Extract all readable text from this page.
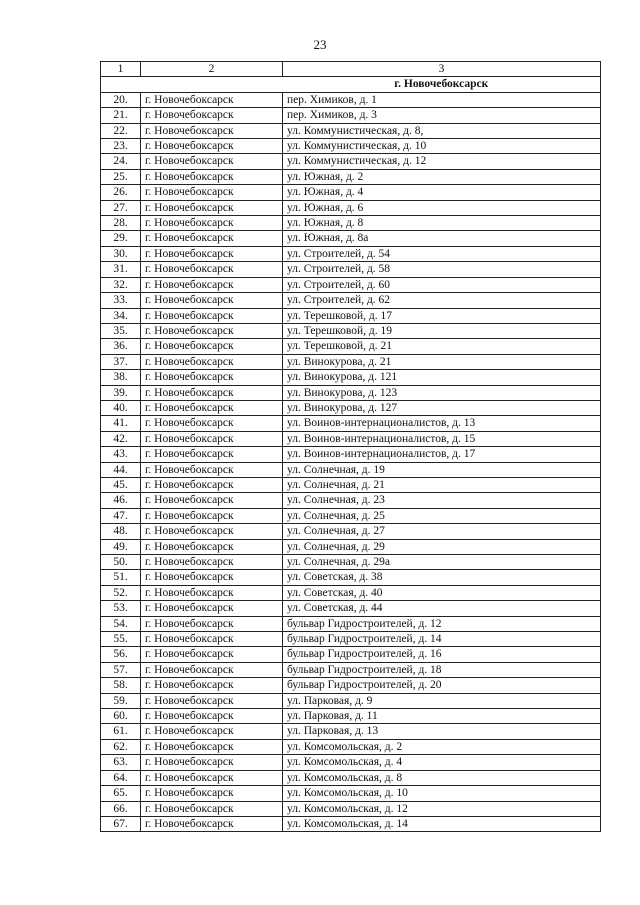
23
1	2	3
		г. Новочебоксарск
20.	г. Новочебоксарск	пер. Химиков, д. 1
21.	г. Новочебоксарск	пер. Химиков, д. 3
22.	г. Новочебоксарск	ул. Коммунистическая, д. 8,
23.	г. Новочебоксарск	ул. Коммунистическая, д. 10
24.	г. Новочебоксарск	ул. Коммунистическая, д. 12
25.	г. Новочебоксарск	ул. Южная, д. 2
26.	г. Новочебоксарск	ул. Южная, д. 4
27.	г. Новочебоксарск	ул. Южная, д. 6
28.	г. Новочебоксарск	ул. Южная, д. 8
29.	г. Новочебоксарск	ул. Южная, д. 8а
30.	г. Новочебоксарск	ул. Строителей, д. 54
31.	г. Новочебоксарск	ул. Строителей, д. 58
32.	г. Новочебоксарск	ул. Строителей, д. 60
33.	г. Новочебоксарск	ул. Строителей, д. 62
34.	г. Новочебоксарск	ул. Терешковой, д. 17
35.	г. Новочебоксарск	ул. Терешковой, д. 19
36.	г. Новочебоксарск	ул. Терешковой, д. 21
37.	г. Новочебоксарск	ул. Винокурова, д. 21
38.	г. Новочебоксарск	ул. Винокурова, д. 121
39.	г. Новочебоксарск	ул. Винокурова, д. 123
40.	г. Новочебоксарск	ул. Винокурова, д. 127
41.	г. Новочебоксарск	ул. Воинов-интернационалистов, д. 13
42.	г. Новочебоксарск	ул. Воинов-интернационалистов, д. 15
43.	г. Новочебоксарск	ул. Воинов-интернационалистов, д. 17
44.	г. Новочебоксарск	ул. Солнечная, д. 19
45.	г. Новочебоксарск	ул. Солнечная, д. 21
46.	г. Новочебоксарск	ул. Солнечная, д. 23
47.	г. Новочебоксарск	ул. Солнечная, д. 25
48.	г. Новочебоксарск	ул. Солнечная, д. 27
49.	г. Новочебоксарск	ул. Солнечная, д. 29
50.	г. Новочебоксарск	ул. Солнечная, д. 29а
51.	г. Новочебоксарск	ул. Советская, д. 38
52.	г. Новочебоксарск	ул. Советская, д. 40
53.	г. Новочебоксарск	ул. Советская, д. 44
54.	г. Новочебоксарск	бульвар Гидростроителей, д. 12
55.	г. Новочебоксарск	бульвар Гидростроителей, д. 14
56.	г. Новочебоксарск	бульвар Гидростроителей, д. 16
57.	г. Новочебоксарск	бульвар Гидростроителей, д. 18
58.	г. Новочебоксарск	бульвар Гидростроителей, д. 20
59.	г. Новочебоксарск	ул. Парковая, д. 9
60.	г. Новочебоксарск	ул. Парковая, д. 11
61.	г. Новочебоксарск	ул. Парковая, д. 13
62.	г. Новочебоксарск	ул. Комсомольская, д. 2
63.	г. Новочебоксарск	ул. Комсомольская, д. 4
64.	г. Новочебоксарск	ул. Комсомольская, д. 8
65.	г. Новочебоксарск	ул. Комсомольская, д. 10
66.	г. Новочебоксарск	ул. Комсомольская, д. 12
67.	г. Новочебоксарск	ул. Комсомольская, д. 14
